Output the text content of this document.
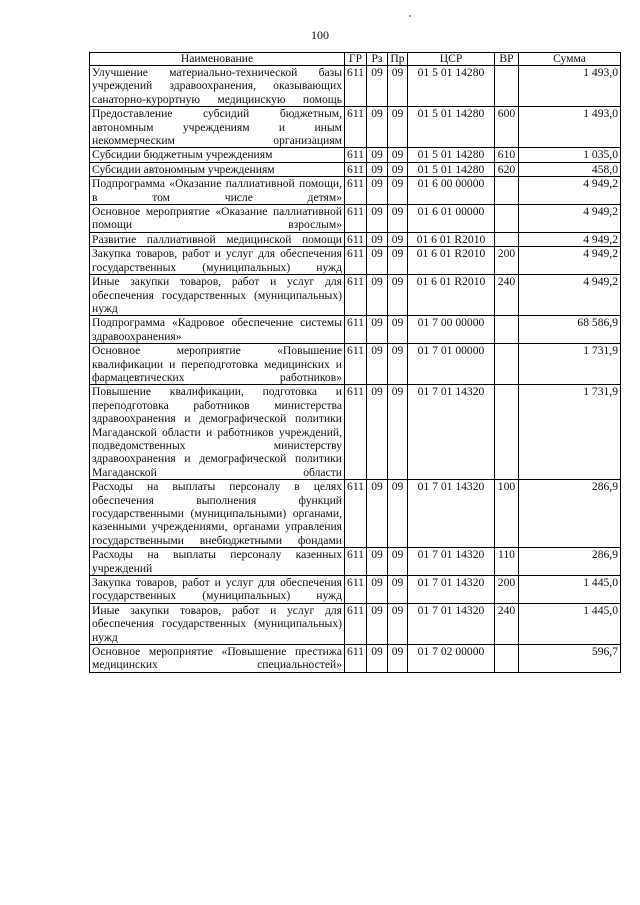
100
Наименование	ГР	Рз	Пр	ЦСР	ВР	Сумма
Улучшение материально-технической базы учреждений здравоохранения, оказывающих санаторно-курортную медицинскую помощь	611	09	09	01 5 01 14280		1 493,0
Предоставление субсидий бюджетным, автономным учреждениям и иным некоммерческим организациям	611	09	09	01 5 01 14280	600	1 493,0
Субсидии бюджетным учреждениям	611	09	09	01 5 01 14280	610	1 035,0
Субсидии автономным учреждениям	611	09	09	01 5 01 14280	620	458,0
Подпрограмма «Оказание паллиативной помощи, в том числе детям»	611	09	09	01 6 00 00000		4 949,2
Основное мероприятие «Оказание паллиативной помощи взрослым»	611	09	09	01 6 01 00000		4 949,2
Развитие паллиативной медицинской помощи	611	09	09	01 6 01 R2010		4 949,2
Закупка товаров, работ и услуг для обеспечения государственных (муниципальных) нужд	611	09	09	01 6 01 R2010	200	4 949,2
Иные закупки товаров, работ и услуг для обеспечения государственных (муниципальных) нужд	611	09	09	01 6 01 R2010	240	4 949,2
Подпрограмма «Кадровое обеспечение системы здравоохранения»	611	09	09	01 7 00 00000		68 586,9
Основное мероприятие «Повышение квалификации и переподготовка медицинских и фармацевтических работников»	611	09	09	01 7 01 00000		1 731,9
Повышение квалификации, подготовка и переподготовка работников министерства здравоохранения и демографической политики Магаданской области и работников учреждений, подведомственных министерству здравоохранения и демографической политики Магаданской области	611	09	09	01 7 01 14320		1 731,9
Расходы на выплаты персоналу в целях обеспечения выполнения функций государственными (муниципальными) органами, казенными учреждениями, органами управления государственными внебюджетными фондами	611	09	09	01 7 01 14320	100	286,9
Расходы на выплаты персоналу казенных учреждений	611	09	09	01 7 01 14320	110	286,9
Закупка товаров, работ и услуг для обеспечения государственных (муниципальных) нужд	611	09	09	01 7 01 14320	200	1 445,0
Иные закупки товаров, работ и услуг для обеспечения государственных (муниципальных) нужд	611	09	09	01 7 01 14320	240	1 445,0
Основное мероприятие «Повышение престижа медицинских специальностей»	611	09	09	01 7 02 00000		596,7
